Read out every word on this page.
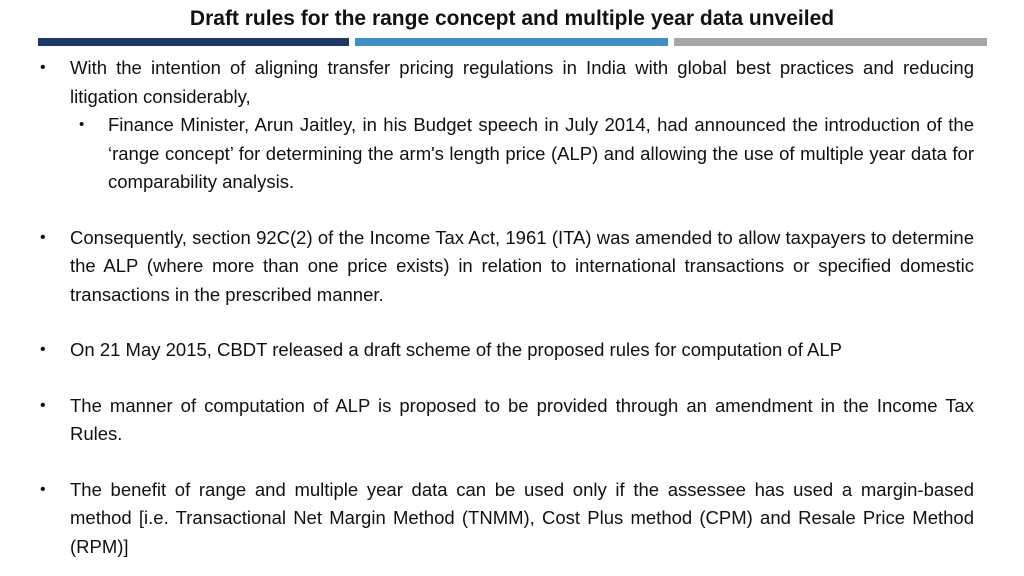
Draft rules for the range concept and multiple year data unveiled
• With the intention of aligning transfer pricing regulations in India with global best practices and reducing litigation considerably,
• Finance Minister, Arun Jaitley, in his Budget speech in July 2014, had announced the introduction of the ‘range concept’ for determining the arm's length price (ALP) and allowing the use of multiple year data for comparability analysis.
• Consequently, section 92C(2) of the Income Tax Act, 1961 (ITA) was amended to allow taxpayers to determine the ALP (where more than one price exists) in relation to international transactions or specified domestic transactions in the prescribed manner.
• On 21 May 2015, CBDT released a draft scheme of the proposed rules for computation of ALP
• The manner of computation of ALP is proposed to be provided through an amendment in the Income Tax Rules.
• The benefit of range and multiple year data can be used only if the assessee has used a margin-based method [i.e. Transactional Net Margin Method (TNMM), Cost Plus method (CPM) and Resale Price Method (RPM)]
